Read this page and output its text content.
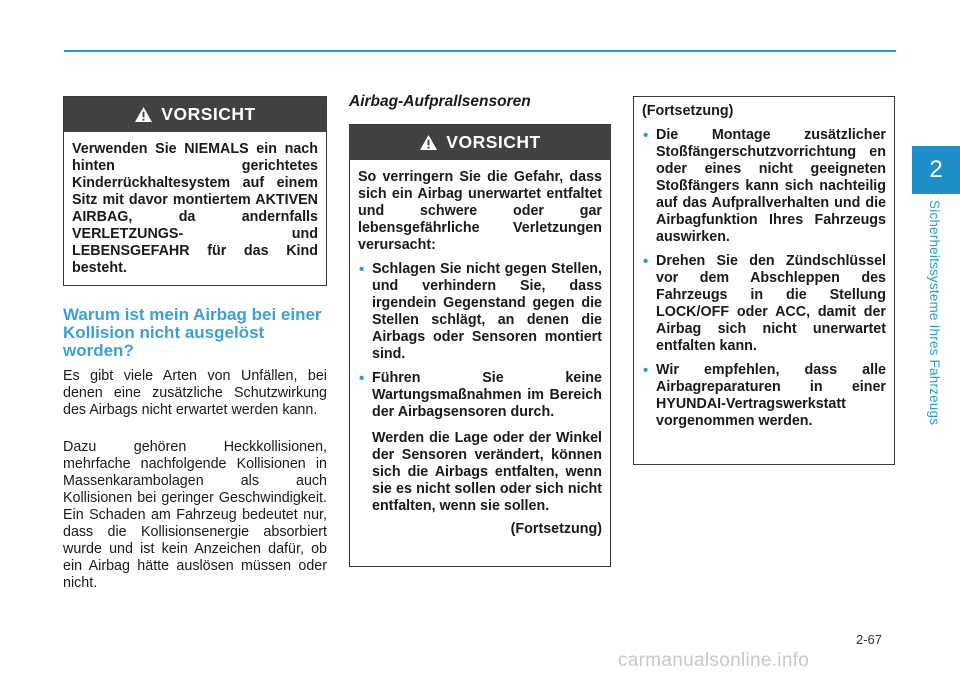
2
Sicherheitssysteme Ihres Fahrzeugs
VORSICHT
Verwenden Sie NIEMALS ein nach hinten gerichtetes Kinderrückhaltesystem auf einem Sitz mit davor montiertem AKTIVEN AIRBAG, da andernfalls VERLETZUNGS- und LEBENSGEFAHR für das Kind besteht.
Warum ist mein Airbag bei einer Kollision nicht ausgelöst worden?

Es gibt viele Arten von Unfällen, bei denen eine zusätzliche Schutzwirkung des Airbags nicht erwartet werden kann.

Dazu gehören Heckkollisionen, mehrfache nachfolgende Kollisionen in Massenkarambolagen als auch Kollisionen bei geringer Geschwindigkeit. Ein Schaden am Fahrzeug bedeutet nur, dass die Kollisionsenergie absorbiert wurde und ist kein Anzeichen dafür, ob ein Airbag hätte auslösen müssen oder nicht.

Airbag-Aufprallsensoren
VORSICHT
So verringern Sie die Gefahr, dass sich ein Airbag unerwartet entfaltet und schwere oder gar lebensgefährliche Verletzungen verursacht:
• Schlagen Sie nicht gegen Stellen, und verhindern Sie, dass irgendein Gegenstand gegen die Stellen schlägt, an denen die Airbags oder Sensoren montiert sind.
• Führen Sie keine Wartungsmaßnahmen im Bereich der Airbagsensoren durch.
Werden die Lage oder der Winkel der Sensoren verändert, können sich die Airbags entfalten, wenn sie es nicht sollen oder sich nicht entfalten, wenn sie sollen.
(Fortsetzung)
(Fortsetzung)
• Die Montage zusätzlicher Stoßfängerschutzvorrichtung en oder eines nicht geeigneten Stoßfängers kann sich nachteilig auf das Aufprallverhalten und die Airbagfunktion Ihres Fahrzeugs auswirken.
• Drehen Sie den Zündschlüssel vor dem Abschleppen des Fahrzeugs in die Stellung LOCK/OFF oder ACC, damit der Airbag sich nicht unerwartet entfalten kann.
• Wir empfehlen, dass alle Airbagreparaturen in einer HYUNDAI-Vertragswerkstatt vorgenommen werden.
2-67
carmanualsonline.info
